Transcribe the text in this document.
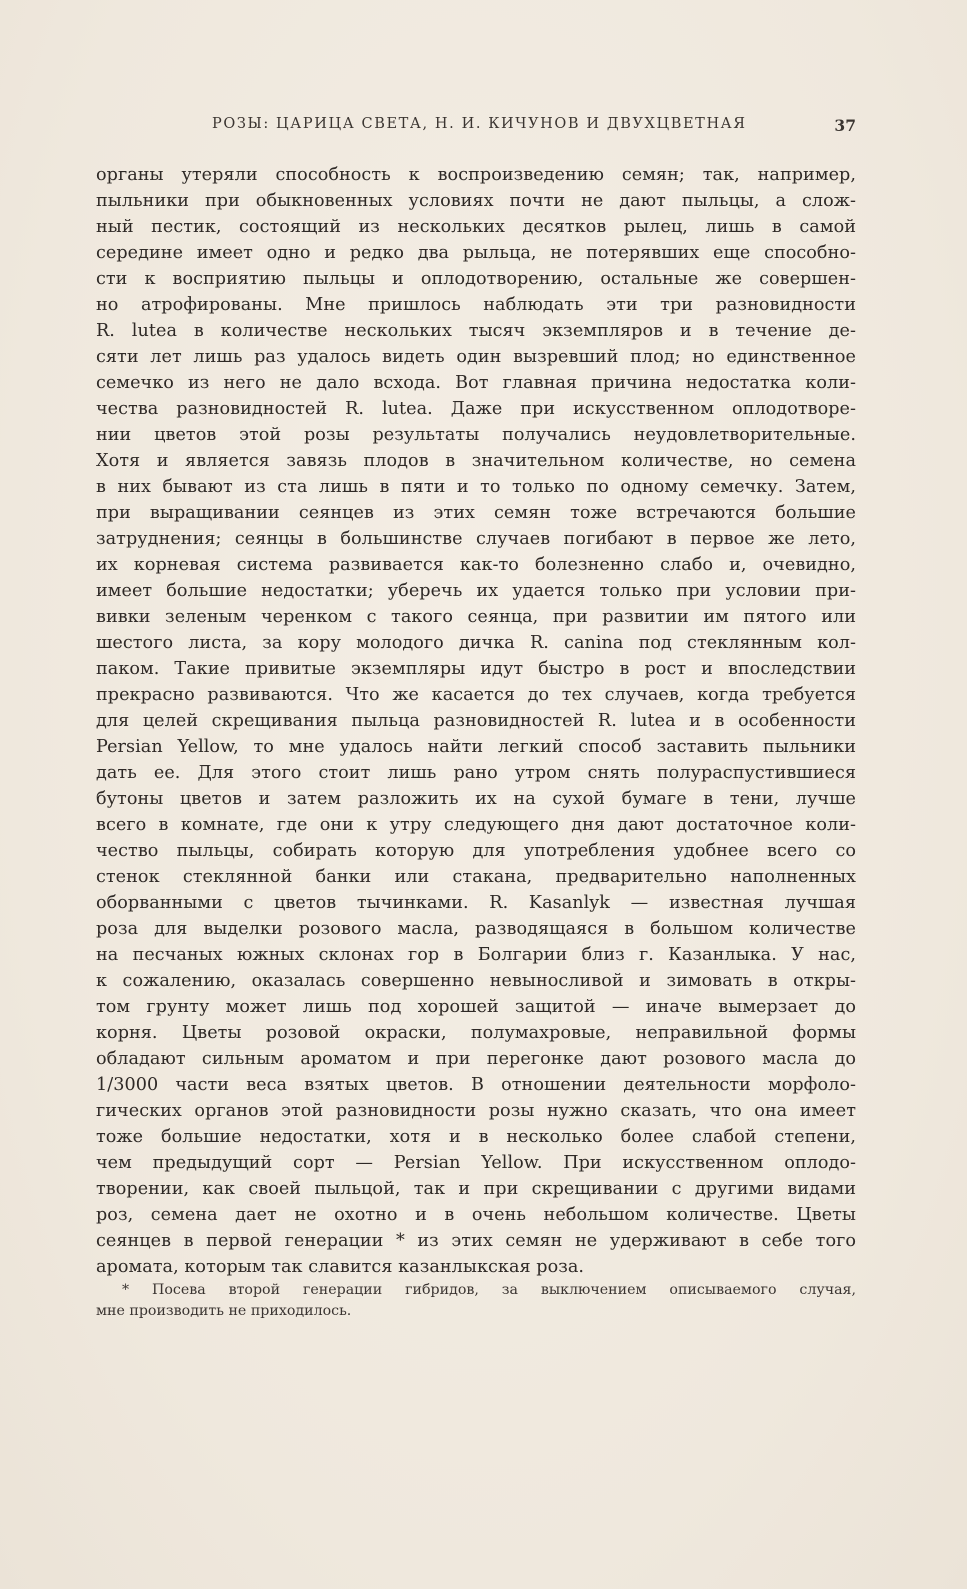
РОЗЫ: ЦАРИЦА СВЕТА, Н. И. КИЧУНОВ И ДВУХЦВЕТНАЯ	37
органы утеряли способность к воспроизведению семян; так, например,
пыльники при обыкновенных условиях почти не дают пыльцы, а слож-
ный пестик, состоящий из нескольких десятков рылец, лишь в самой
середине имеет одно и редко два рыльца, не потерявших еще способно-
сти к восприятию пыльцы и оплодотворению, остальные же совершен-
но атрофированы. Мне пришлось наблюдать эти три разновидности
R. lutea в количестве нескольких тысяч экземпляров и в течение де-
сяти лет лишь раз удалось видеть один вызревший плод; но единственное
семечко из него не дало всхода. Вот главная причина недостатка коли-
чества разновидностей R. lutea. Даже при искусственном оплодотворе-
нии цветов этой розы результаты получались неудовлетворительные.
Хотя и является завязь плодов в значительном количестве, но семена
в них бывают из ста лишь в пяти и то только по одному семечку. Затем,
при выращивании сеянцев из этих семян тоже встречаются большие
затруднения; сеянцы в большинстве случаев погибают в первое же лето,
их корневая система развивается как-то болезненно слабо и, очевидно,
имеет большие недостатки; уберечь их удается только при условии при-
вивки зеленым черенком с такого сеянца, при развитии им пятого или
шестого листа, за кору молодого дичка R. canina под стеклянным кол-
паком. Такие привитые экземпляры идут быстро в рост и впоследствии
прекрасно развиваются. Что же касается до тех случаев, когда требуется
для целей скрещивания пыльца разновидностей R. lutea и в особенности
Persian Yellow, то мне удалось найти легкий способ заставить пыльники
дать ее. Для этого стоит лишь рано утром снять полураспустившиеся
бутоны цветов и затем разложить их на сухой бумаге в тени, лучше
всего в комнате, где они к утру следующего дня дают достаточное коли-
чество пыльцы, собирать которую для употребления удобнее всего со
стенок стеклянной банки или стакана, предварительно наполненных
оборванными с цветов тычинками. R. Kasanlyk — известная лучшая
роза для выделки розового масла, разводящаяся в большом количестве
на песчаных южных склонах гор в Болгарии близ г. Казанлыка. У нас,
к сожалению, оказалась совершенно невыносливой и зимовать в откры-
том грунту может лишь под хорошей защитой — иначе вымерзает до
корня. Цветы розовой окраски, полумахровые, неправильной формы
обладают сильным ароматом и при перегонке дают розового масла до
1/3000 части веса взятых цветов. В отношении деятельности морфоло-
гических органов этой разновидности розы нужно сказать, что она имеет
тоже большие недостатки, хотя и в несколько более слабой степени,
чем предыдущий сорт — Persian Yellow. При искусственном оплодо-
творении, как своей пыльцой, так и при скрещивании с другими видами
роз, семена дает не охотно и в очень небольшом количестве. Цветы
сеянцев в первой генерации * из этих семян не удерживают в себе того
аромата, которым так славится казанлыкская роза.
* Посева второй генерации гибридов, за выключением описываемого случая,
мне производить не приходилось.
